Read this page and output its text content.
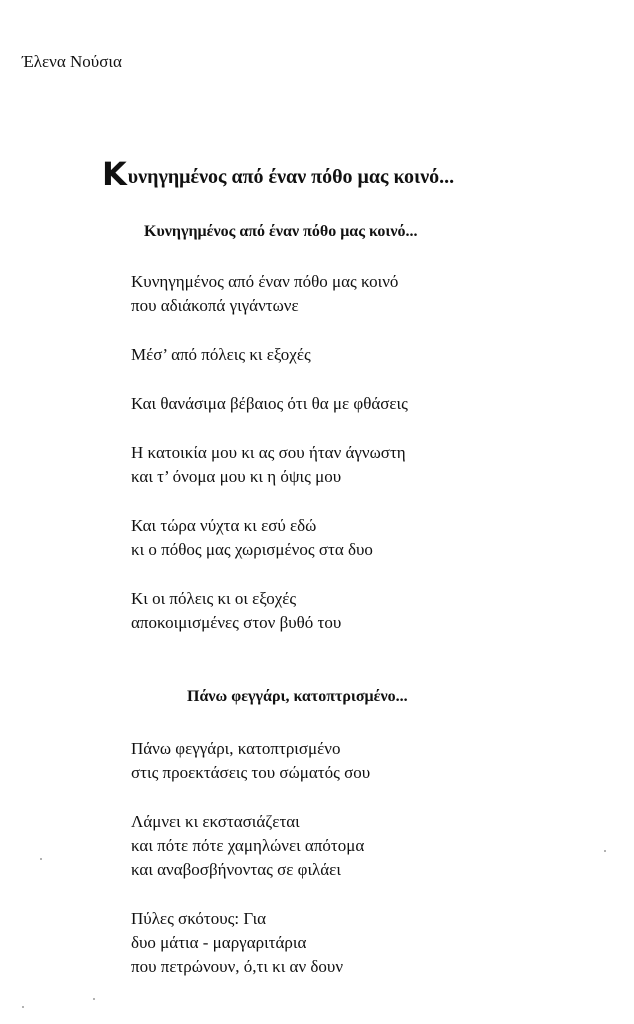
Έλενα Νούσια
Κυνηγημένος από έναν πόθο μας κοινό...
Κυνηγημένος από έναν πόθο μας κοινό...
Κυνηγημένος από έναν πόθο μας κοινό
που αδιάκοπά γιγάντωνε
Μέσ’ από πόλεις κι εξοχές
Και θανάσιμα βέβαιος ότι θα με φθάσεις
Η κατοικία μου κι ας σου ήταν άγνωστη
και τ’ όνομα μου κι η όψις μου
Και τώρα νύχτα κι εσύ εδώ
κι ο πόθος μας χωρισμένος στα δυο
Κι οι πόλεις κι οι εξοχές
αποκοιμισμένες στον βυθό του
Πάνω φεγγάρι, κατοπτρισμένο...
Πάνω φεγγάρι, κατοπτρισμένο
στις προεκτάσεις του σώματός σου
Λάμνει κι εκστασιάζεται
και πότε πότε χαμηλώνει απότομα
και αναβοσβήνοντας σε φιλάει
Πύλες σκότους: Για
δυο μάτια - μαργαριτάρια
που πετρώνουν, ό,τι κι αν δουν
